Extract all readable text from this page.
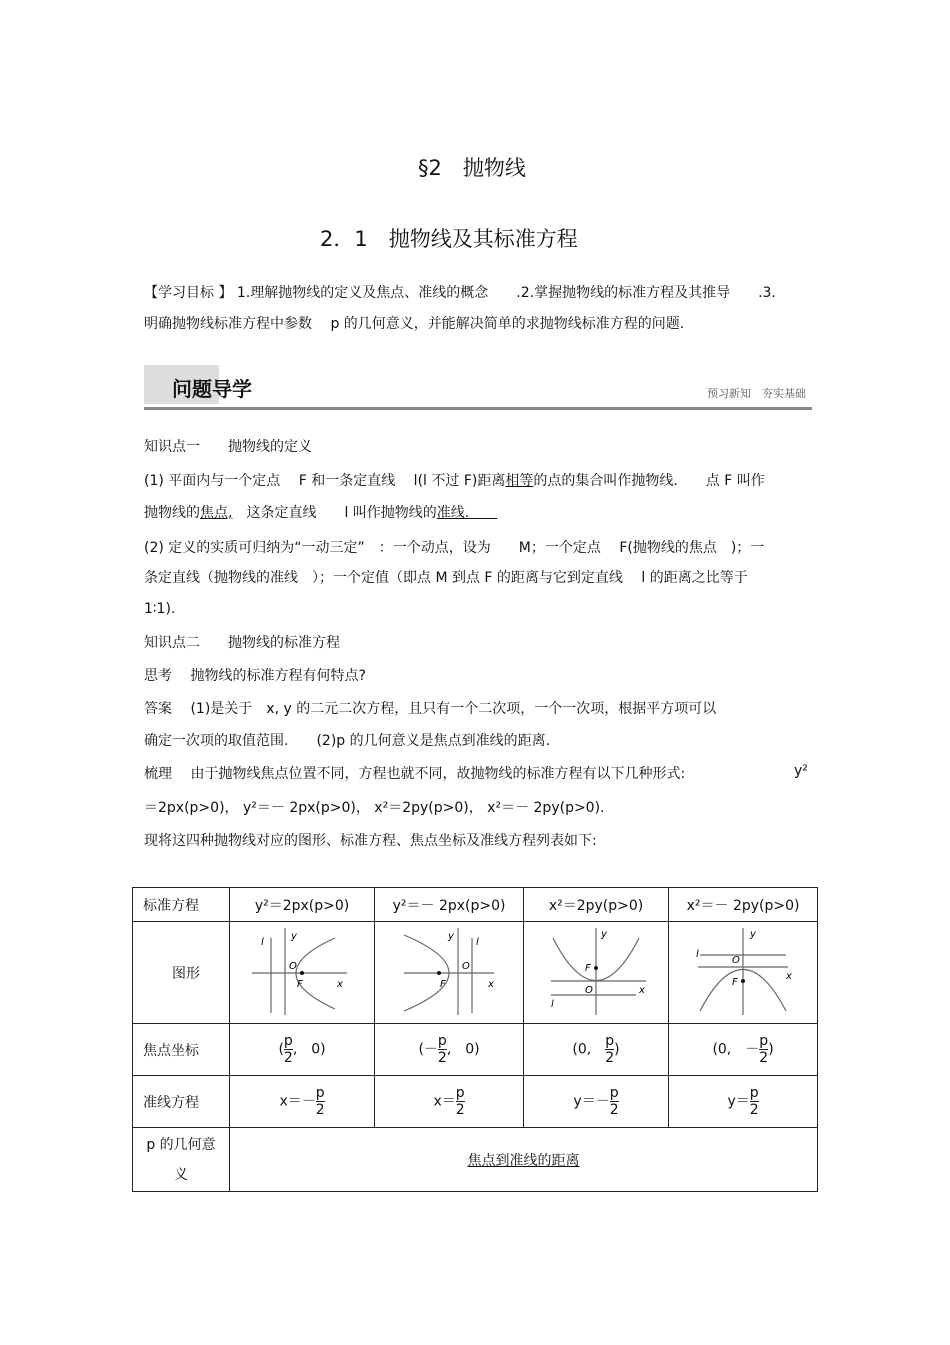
§2　抛物线
2．1　抛物线及其标准方程
【学习目标 】 1.理解抛物线的定义及焦点、准线的概念　　.2.掌握抛物线的标准方程及其推导　　.3.
明确抛物线标准方程中参数　 p 的几何意义，并能解决简单的求抛物线标准方程的问题.
问题导学	预习新知　夯实基础
知识点一　　抛物线的定义
(1) 平面内与一个定点　 F 和一条定直线　 l(l 不过 F)距离相等的点的集合叫作抛物线.　　点 F 叫作
抛物线的焦点,　这条定直线　　l 叫作抛物线的准线.　　
(2) 定义的实质可归纳为“一动三定”　：一个动点，设为　　M；一个定点　 F(抛物线的焦点　)；一
条定直线（抛物线的准线　）；一个定值（即点 M 到点 F 的距离与它到定直线　 l 的距离之比等于
1∶1).
知识点二　　抛物线的标准方程
思考　 抛物线的标准方程有何特点?
答案　 (1)是关于　x, y 的二元二次方程，且只有一个二次项，一个一次项，根据平方项可以
确定一次项的取值范围.　　(2)p 的几何意义是焦点到准线的距离.
梳理　 由于抛物线焦点位置不同，方程也就不同，故抛物线的标准方程有以下几种形式:	y²
＝2px(p>0)， y²＝－ 2px(p>0)， x²＝2py(p>0)， x²＝－ 2py(p>0).
现将这四种抛物线对应的图形、标准方程、焦点坐标及准线方程列表如下:
标准方程	y²＝2px(p>0)	y²＝－ 2px(p>0)	x²＝2py(p>0)	x²＝－ 2py(p>0)
图形	O
y
x
F
l	O
y
x
F
l	O
y
x
F
l	O
y
x
F
l

焦点坐标	( $\frac{p}{2}$ ,　0)	(－ $\frac{p}{2}$ ,　0)	(0,　 $\frac{p}{2}$ )	(0,　－ $\frac{p}{2}$ )
准线方程	$x=- \frac{p}{2}$	$x= \frac{p}{2}$	$y=- \frac{p}{2}$	$y= \frac{p}{2}$

p 的几何意义	焦点到准线的距离			
